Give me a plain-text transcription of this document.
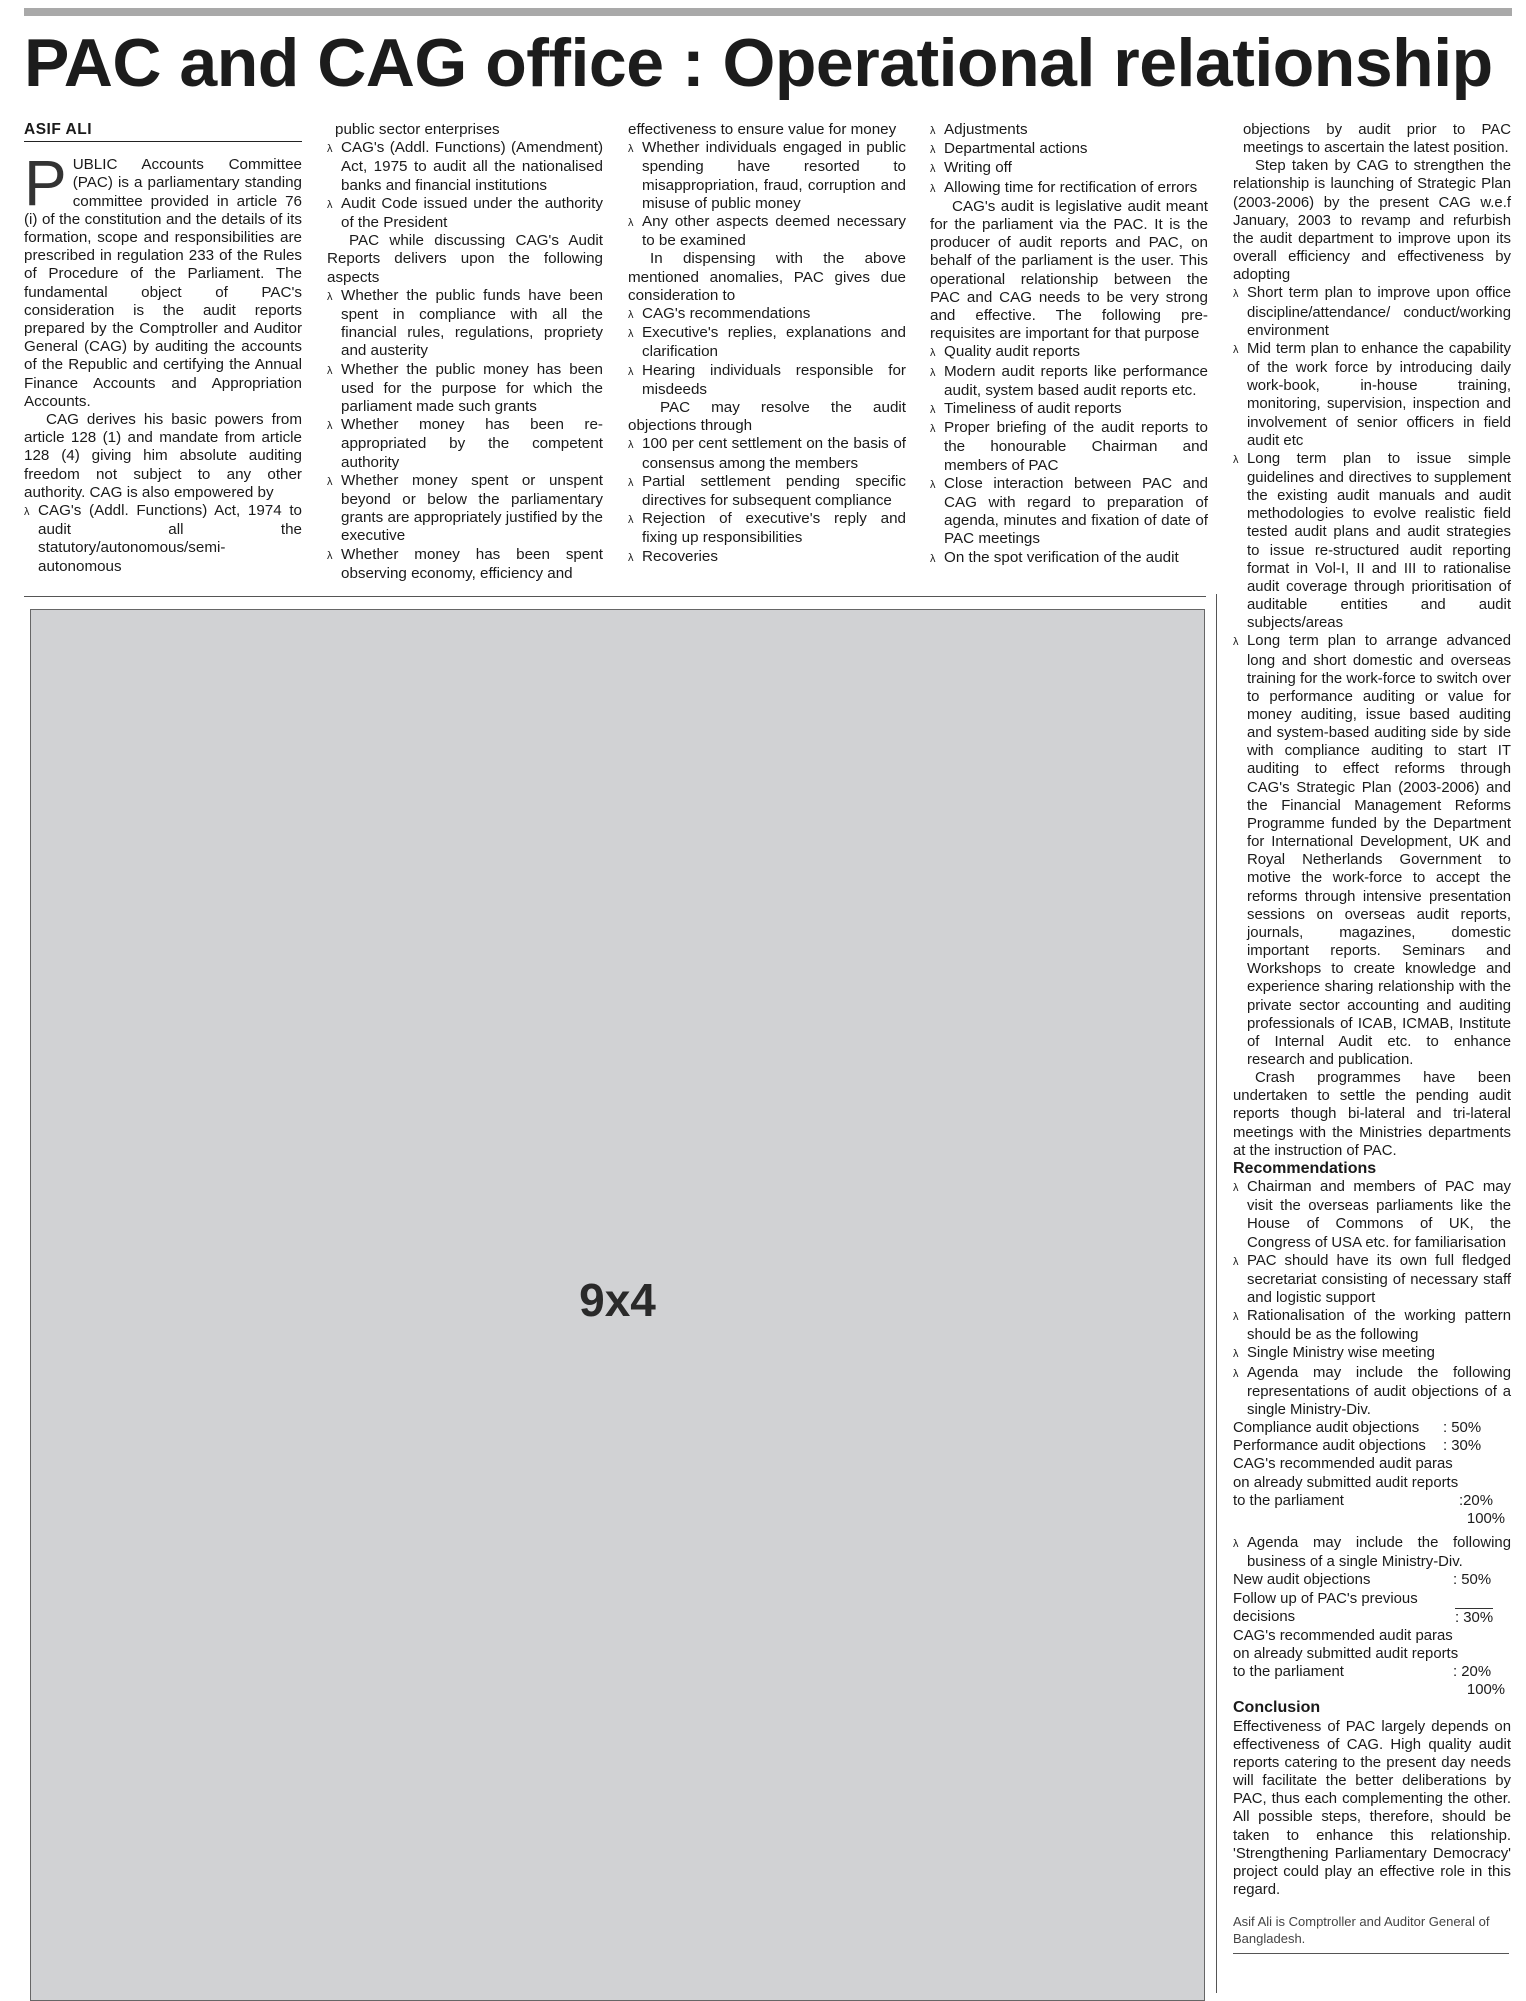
PAC and CAG office : Operational relationship

ASIF ALI

PUBLIC Accounts Committee (PAC) is a parliamentary standing committee provided in article 76 (i) of the constitution and the details of its formation, scope and responsibilities are prescribed in regulation 233 of the Rules of Procedure of the Parliament. The fundamental object of PAC's consideration is the audit reports prepared by the Comptroller and Auditor General (CAG) by auditing the accounts of the Republic and certifying the Annual Finance Accounts and Appropriation Accounts.

CAG derives his basic powers from article 128 (1) and mandate from article 128 (4) giving him absolute auditing freedom not subject to any other authority. CAG is also empowered by

λ CAG's (Addl. Functions) Act, 1974 to audit all the statutory/autonomous/semi-autonomous

public sector enterprises

λ CAG's (Addl. Functions) (Amendment) Act, 1975 to audit all the nationalised banks and financial institutions

λ Audit Code issued under the authority of the President

PAC while discussing CAG's Audit Reports delivers upon the following aspects

λ Whether the public funds have been spent in compliance with all the financial rules, regulations, propriety and austerity

λ Whether the public money has been used for the purpose for which the parliament made such grants

λ Whether money has been re-appropriated by the competent authority

λ Whether money spent or unspent beyond or below the parliamentary grants are appropriately justified by the executive

λ Whether money has been spent observing economy, efficiency and

effectiveness to ensure value for money

λ Whether individuals engaged in public spending have resorted to misappropriation, fraud, corruption and misuse of public money

λ Any other aspects deemed necessary to be examined

In dispensing with the above mentioned anomalies, PAC gives due consideration to

λ CAG's recommendations

λ Executive's replies, explanations and clarification

λ Hearing individuals responsible for misdeeds

PAC may resolve the audit objections through

λ 100 per cent settlement on the basis of consensus among the members

λ Partial settlement pending specific directives for subsequent compliance

λ Rejection of executive's reply and fixing up responsibilities

λ Recoveries

λ Adjustments

λ Departmental actions

λ Writing off

λ Allowing time for rectification of errors

CAG's audit is legislative audit meant for the parliament via the PAC. It is the producer of audit reports and PAC, on behalf of the parliament is the user. This operational relationship between the PAC and CAG needs to be very strong and effective. The following pre-requisites are important for that purpose

λ Quality audit reports

λ Modern audit reports like performance audit, system based audit reports etc.

λ Timeliness of audit reports

λ Proper briefing of the audit reports to the honourable Chairman and members of PAC

λ Close interaction between PAC and CAG with regard to preparation of agenda, minutes and fixation of date of PAC meetings

λ On the spot verification of the audit

9x4

objections by audit prior to PAC meetings to ascertain the latest position.

Step taken by CAG to strengthen the relationship is launching of Strategic Plan (2003-2006) by the present CAG w.e.f January, 2003 to revamp and refurbish the audit department to improve upon its overall efficiency and effectiveness by adopting

λ Short term plan to improve upon office discipline/attendance/ conduct/working environment

λ Mid term plan to enhance the capability of the work force by introducing daily work-book, in-house training, monitoring, supervision, inspection and involvement of senior officers in field audit etc

λ Long term plan to issue simple guidelines and directives to supplement the existing audit manuals and audit methodologies to evolve realistic field tested audit plans and audit strategies to issue re-structured audit reporting format in Vol-I, II and III to rationalise audit coverage through prioritisation of auditable entities and audit subjects/areas

λ Long term plan to arrange advanced long and short domestic and overseas training for the work-force to switch over to performance auditing or value for money auditing, issue based auditing and system-based auditing side by side with compliance auditing to start IT auditing to effect reforms through CAG's Strategic Plan (2003-2006) and the Financial Management Reforms Programme funded by the Department for International Development, UK and Royal Netherlands Government to motive the work-force to accept the reforms through intensive presentation sessions on overseas audit reports, journals, magazines, domestic important reports. Seminars and Workshops to create knowledge and experience sharing relationship with the private sector accounting and auditing professionals of ICAB, ICMAB, Institute of Internal Audit etc. to enhance research and publication.

Crash programmes have been undertaken to settle the pending audit reports though bi-lateral and tri-lateral meetings with the Ministries departments at the instruction of PAC.

Recommendations

λ Chairman and members of PAC may visit the overseas parliaments like the House of Commons of UK, the Congress of USA etc. for familiarisation

λ PAC should have its own full fledged secretariat consisting of necessary staff and logistic support

λ Rationalisation of the working pattern should be as the following

λ Single Ministry wise meeting

λ Agenda may include the following representations of audit objections of a single Ministry-Div.

Compliance audit objections	: 50%
Performance audit objections	: 30%
CAG's recommended audit paras
on already submitted audit reports
to the parliament	:20%
100%

λ Agenda may include the following business of a single Ministry-Div.

New audit objections	: 50%
Follow up of PAC's previous
decisions	: 30%
CAG's recommended audit paras
on already submitted audit reports
to the parliament	: 20%
100%

Conclusion

Effectiveness of PAC largely depends on effectiveness of CAG. High quality audit reports catering to the present day needs will facilitate the better deliberations by PAC, thus each complementing the other. All possible steps, therefore, should be taken to enhance this relationship. 'Strengthening Parliamentary Democracy' project could play an effective role in this regard.

Asif Ali is Comptroller and Auditor General of Bangladesh.
